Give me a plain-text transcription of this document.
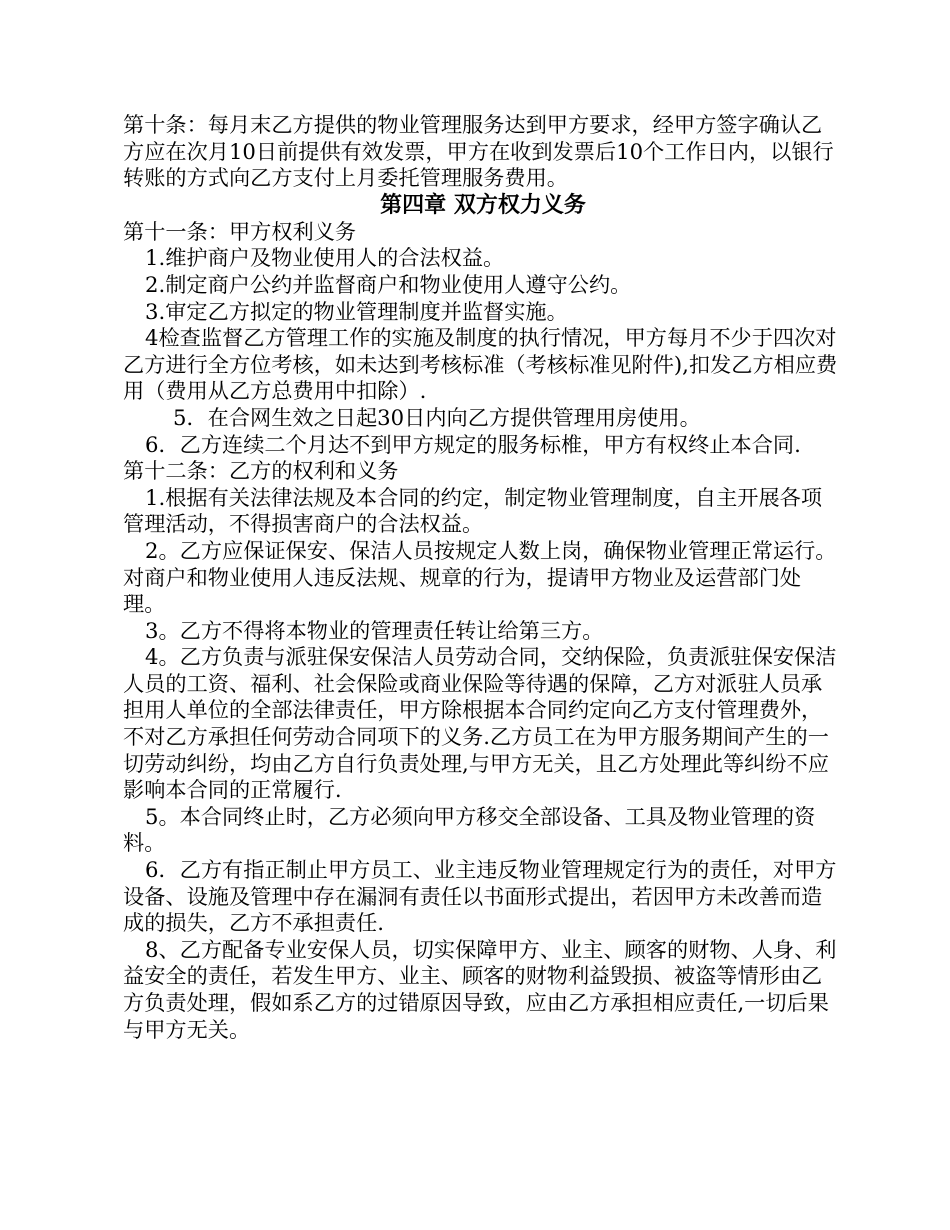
第十条：每月末乙方提供的物业管理服务达到甲方要求，经甲方签字确认乙方应在次月10日前提供有效发票，甲方在收到发票后10个工作日内，以银行转账的方式向乙方支付上月委托管理服务费用。

第四章 双方权力义务

第十一条：甲方权利义务

1.维护商户及物业使用人的合法权益。

2.制定商户公约并监督商户和物业使用人遵守公约。

3.审定乙方拟定的物业管理制度并监督实施。

4检查监督乙方管理工作的实施及制度的执行情况，甲方每月不少于四次对乙方进行全方位考核，如未达到考核标准（考核标准见附件),扣发乙方相应费用（费用从乙方总费用中扣除）.

5．在合网生效之日起30日内向乙方提供管理用房使用。

6．乙方连续二个月达不到甲方规定的服务标椎，甲方有权终止本合同.

第十二条：乙方的权利和义务

1.根据有关法律法规及本合同的约定，制定物业管理制度，自主开展各项管理活动，不得损害商户的合法权益。

2。乙方应保证保安、保洁人员按规定人数上岗，确保物业管理正常运行。对商户和物业使用人违反法规、规章的行为，提请甲方物业及运营部门处理。

3。乙方不得将本物业的管理责任转让给第三方。

4。乙方负责与派驻保安保洁人员劳动合同，交纳保险，负责派驻保安保洁人员的工资、福利、社会保险或商业保险等待遇的保障，乙方对派驻人员承担用人单位的全部法律责任，甲方除根据本合同约定向乙方支付管理费外，不对乙方承担任何劳动合同项下的义务.乙方员工在为甲方服务期间产生的一切劳动纠纷，均由乙方自行负责处理,与甲方无关，且乙方处理此等纠纷不应影响本合同的正常履行.

5。本合同终止时，乙方必须向甲方移交全部设备、工具及物业管理的资料。

6．乙方有指正制止甲方员工、业主违反物业管理规定行为的责任，对甲方设备、设施及管理中存在漏洞有责任以书面形式提出，若因甲方未改善而造成的损失，乙方不承担责任.

8、乙方配备专业安保人员，切实保障甲方、业主、顾客的财物、人身、利益安全的责任，若发生甲方、业主、顾客的财物利益毁损、被盗等情形由乙方负责处理，假如系乙方的过错原因导致，应由乙方承担相应责任,一切后果与甲方无关。
